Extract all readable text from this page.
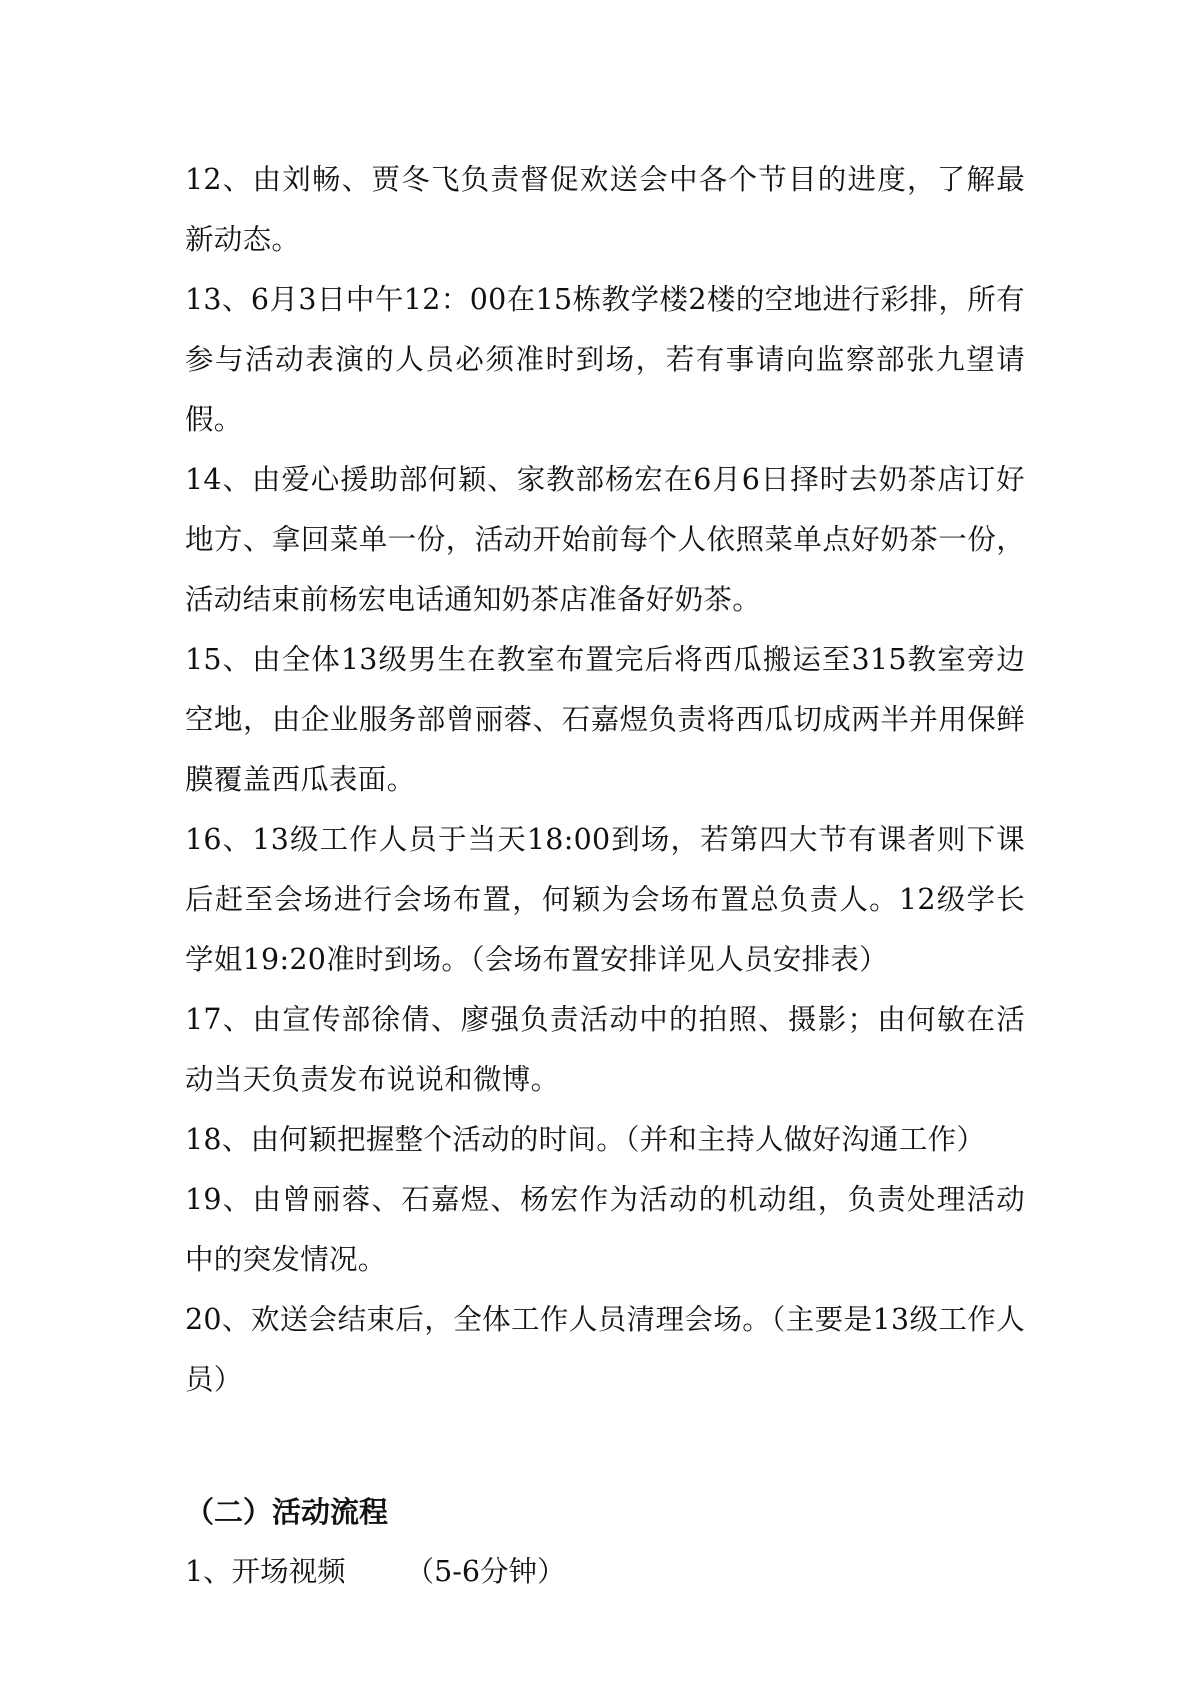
12、由刘畅、贾冬飞负责督促欢送会中各个节目的进度，了解最新动态。

13、6月3日中午12：00在15栋教学楼2楼的空地进行彩排，所有参与活动表演的人员必须准时到场，若有事请向监察部张九望请假。

14、由爱心援助部何颖、家教部杨宏在6月6日择时去奶茶店订好地方、拿回菜单一份，活动开始前每个人依照菜单点好奶茶一份，活动结束前杨宏电话通知奶茶店准备好奶茶。

15、由全体13级男生在教室布置完后将西瓜搬运至315教室旁边空地，由企业服务部曾丽蓉、石嘉煜负责将西瓜切成两半并用保鲜膜覆盖西瓜表面。

16、13级工作人员于当天18:00到场，若第四大节有课者则下课后赶至会场进行会场布置，何颖为会场布置总负责人。12级学长学姐19:20准时到场。（会场布置安排详见人员安排表）

17、由宣传部徐倩、廖强负责活动中的拍照、摄影；由何敏在活动当天负责发布说说和微博。

18、由何颖把握整个活动的时间。（并和主持人做好沟通工作）

19、由曾丽蓉、石嘉煜、杨宏作为活动的机动组，负责处理活动中的突发情况。

20、欢送会结束后，全体工作人员清理会场。（主要是13级工作人员）

（二）活动流程

1、开场视频 （5-6分钟）
